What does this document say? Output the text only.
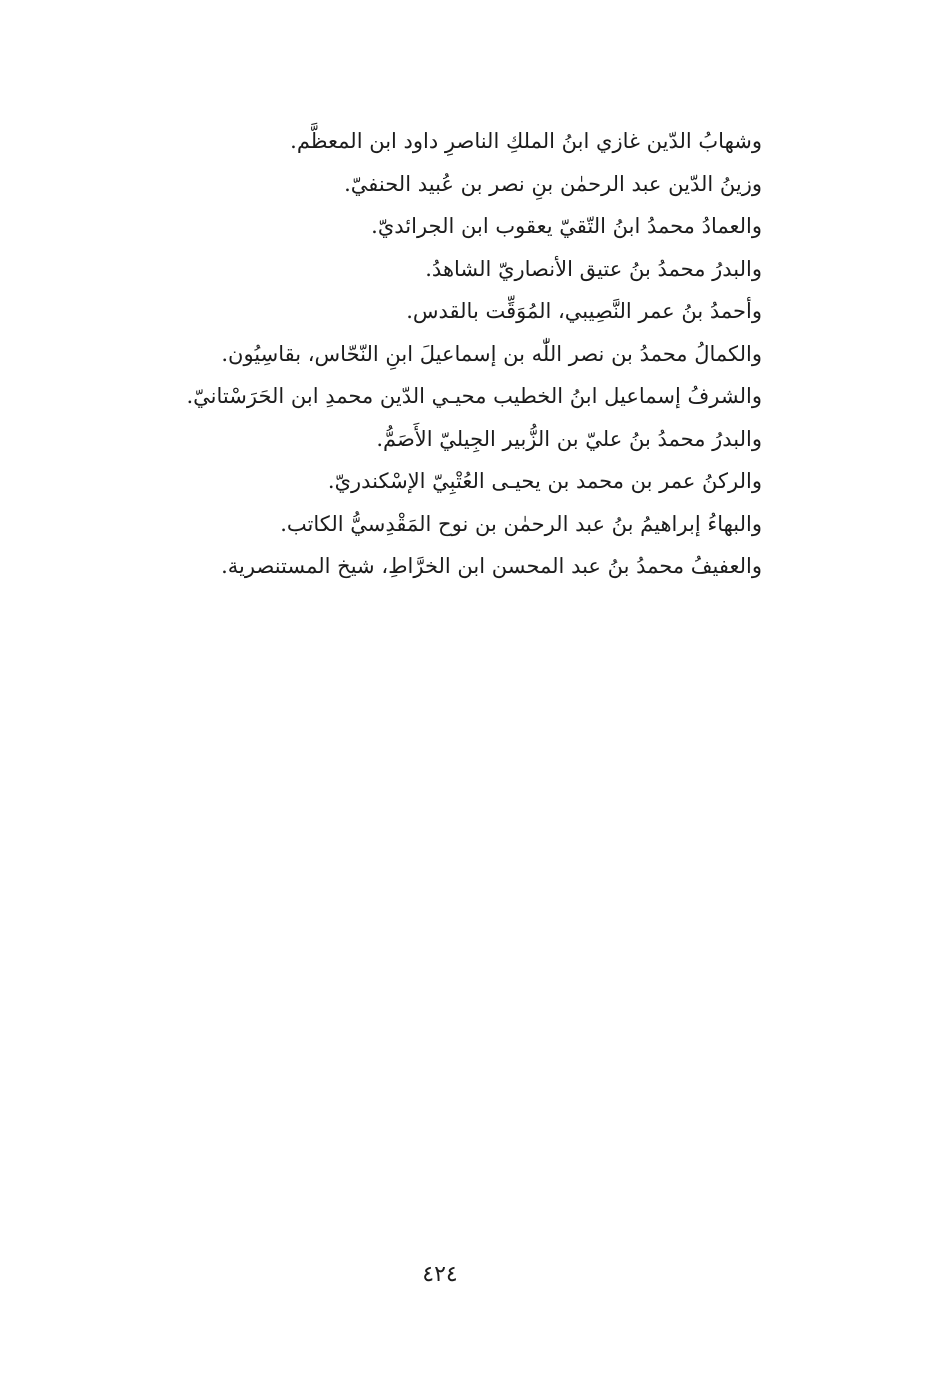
وشهابُ الدّين غازي ابنُ الملكِ الناصرِ داود ابن المعظَّم.
وزينُ الدّين عبد الرحمٰن بنِ نصر بن عُبيد الحنفيّ.
والعمادُ محمدُ ابنُ التّقيّ يعقوب ابن الجرائديّ.
والبدرُ محمدُ بنُ عتيق الأنصاريّ الشاهدُ.
وأحمدُ بنُ عمر النَّصِيبي، المُوَقِّت بالقدس.
والكمالُ محمدُ بن نصر اللّٰه بن إسماعيلَ ابنِ النّحّاس، بقاسِيُون.
والشرفُ إسماعيل ابنُ الخطيب محيـي الدّين محمدِ ابن الحَرَسْتانيّ.
والبدرُ محمدُ بنُ عليّ بن الزُّبير الجِيليّ الأَصَمُّ.
والركنُ عمر بن محمد بن يحيـى العُتْبِيّ الإسْكندريّ.
والبهاءُ إبراهيمُ بنُ عبد الرحمٰن بن نوح المَقْدِسيُّ الكاتب.
والعفيفُ محمدُ بنُ عبد المحسن ابن الخرَّاطِ، شيخ المستنصرية.
٤٢٤
